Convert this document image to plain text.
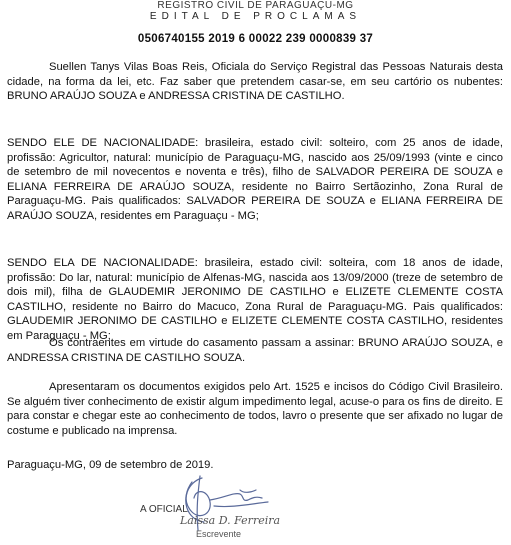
REGISTRO CIVIL DE PARAGUAÇU-MG
EDITAL DE PROCLAMAS
0506740155 2019 6 00022 239 0000839 37

Suellen Tanys Vilas Boas Reis, Oficiala do Serviço Registral das Pessoas Naturais desta cidade, na forma da lei, etc. Faz saber que pretendem casar-se, em seu cartório os nubentes: BRUNO ARAÚJO SOUZA e ANDRESSA CRISTINA DE CASTILHO.

SENDO ELE DE NACIONALIDADE: brasileira, estado civil: solteiro, com 25 anos de idade, profissão: Agricultor, natural: município de Paraguaçu-MG, nascido aos 25/09/1993 (vinte e cinco de setembro de mil novecentos e noventa e três), filho de SALVADOR PEREIRA DE SOUZA e ELIANA FERREIRA DE ARAÚJO SOUZA, residente no Bairro Sertãozinho, Zona Rural de Paraguaçu-MG. Pais qualificados: SALVADOR PEREIRA DE SOUZA e ELIANA FERREIRA DE ARAÚJO SOUZA, residentes em Paraguaçu - MG;

SENDO ELA DE NACIONALIDADE: brasileira, estado civil: solteira, com 18 anos de idade, profissão: Do lar, natural: município de Alfenas-MG, nascida aos 13/09/2000 (treze de setembro de dois mil), filha de GLAUDEMIR JERONIMO DE CASTILHO e ELIZETE CLEMENTE COSTA CASTILHO, residente no Bairro do Macuco, Zona Rural de Paraguaçu-MG. Pais qualificados: GLAUDEMIR JERONIMO DE CASTILHO e ELIZETE CLEMENTE COSTA CASTILHO, residentes em Paraguaçu - MG;

Os contraentes em virtude do casamento passam a assinar: BRUNO ARAÚJO SOUZA, e ANDRESSA CRISTINA DE CASTILHO SOUZA.

Apresentaram os documentos exigidos pelo Art. 1525 e incisos do Código Civil Brasileiro. Se alguém tiver conhecimento de existir algum impedimento legal, acuse-o para os fins de direito. E para constar e chegar este ao conhecimento de todos, lavro o presente que ser afixado no lugar de costume e publicado na imprensa.

Paraguaçu-MG, 09 de setembro de 2019.
A OFICIAL
Laissa D. Ferreira
Escrevente
